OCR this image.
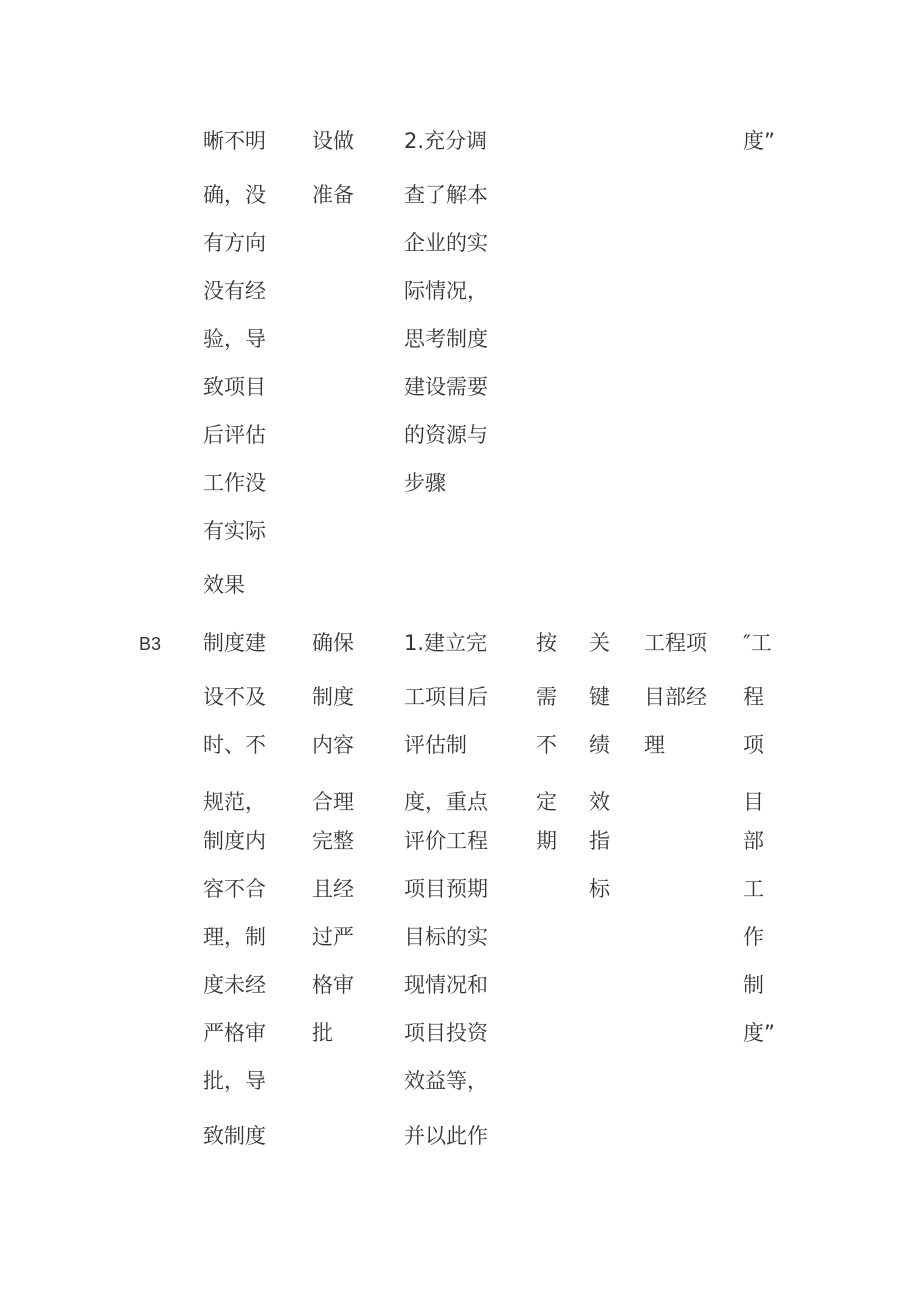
晰不明
确，没
有方向
没有经
验，导
致项目
后评估
工作没
有实际
效果
设做
准备
2.充分调
查了解本
企业的实
际情况，
思考制度
建设需要
的资源与
步骤
度”
B3 制度建
设不及
时、不
规范，
制度内
容不合
理，制
度未经
严格审
批，导
致制度
确保
制度
内容
合理
完整
且经
过严
格审
批
1.建立完
工项目后
评估制
度，重点
评价工程
项目预期
目标的实
现情况和
项目投资
效益等，
并以此作
按
需
不
定
期
关
键
绩
效
指
标
工程项
目部经
理
″工
程
项
目
部
工
作
制
度”
